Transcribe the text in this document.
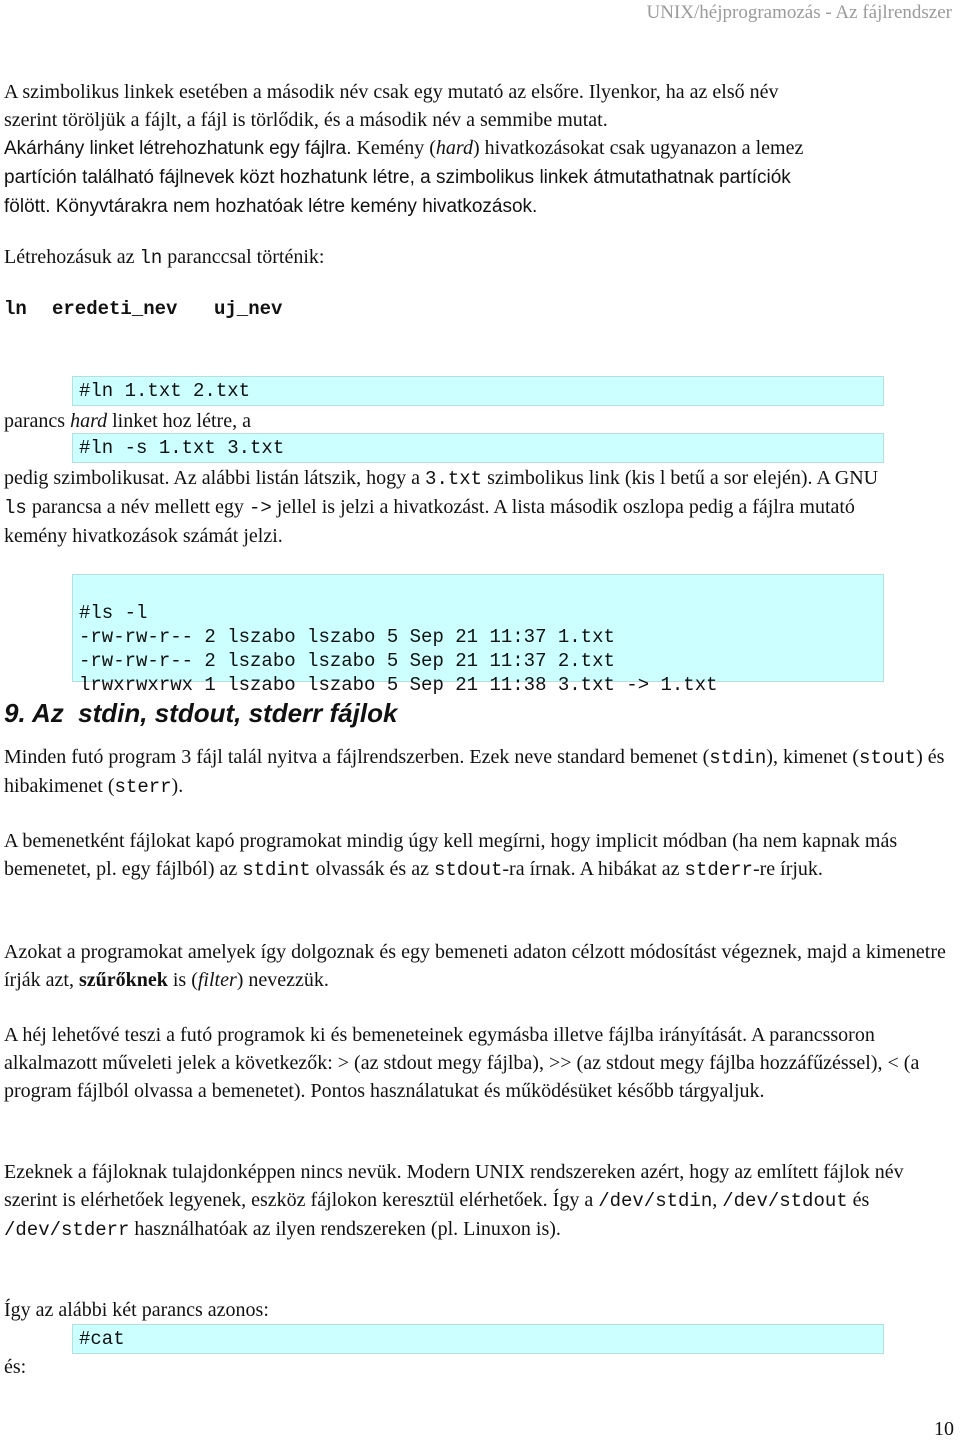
UNIX/héjprogramozás - Az fájlrendszer

A szimbolikus linkek esetében a második név csak egy mutató az elsőre. Ilyenkor, ha az első név
szerint töröljük a fájlt, a fájl is törlődik, és a második név a semmibe mutat.
Akárhány linket létrehozhatunk egy fájlra. Kemény (hard) hivatkozásokat csak ugyanazon a lemez
partíción található fájlnevek közt hozhatunk létre, a szimbolikus linkek átmutathatnak partíciók
fölött. Könyvtárakra nem hozhatóak létre kemény hivatkozások.

Létrehozásuk az ln paranccsal történik:

ln eredeti_nev uj_nev
#ln 1.txt 2.txt

parancs hard linket hoz létre, a

#ln -s 1.txt 3.txt

pedig szimbolikusat. Az alábbi listán látszik, hogy a 3.txt szimbolikus link (kis l betű a sor elején). A GNU ls parancsa a név mellett egy -> jellel is jelzi a hivatkozást. A lista második oszlopa pedig a fájlra mutató kemény hivatkozások számát jelzi.

#ls -l
-rw-rw-r-- 2 lszabo lszabo 5 Sep 21 11:37 1.txt
-rw-rw-r-- 2 lszabo lszabo 5 Sep 21 11:37 2.txt
lrwxrwxrwx 1 lszabo lszabo 5 Sep 21 11:38 3.txt -> 1.txt

9. Az  stdin, stdout, stderr fájlok

Minden futó program 3 fájl talál nyitva a fájlrendszerben. Ezek neve standard bemenet (stdin), kimenet (stout) és hibakimenet (sterr).

A bemenetként fájlokat kapó programokat mindig úgy kell megírni, hogy implicit módban (ha nem kapnak más bemenetet, pl. egy fájlból) az stdint olvassák és az stdout-ra írnak. A hibákat az stderr-re írjuk.

Azokat a programokat amelyek így dolgoznak és egy bemeneti adaton célzott módosítást végeznek, majd a kimenetre írják azt, szűrőknek is (filter) nevezzük.

A héj lehetővé teszi a futó programok ki és bemeneteinek egymásba illetve fájlba irányítását. A parancssoron alkalmazott műveleti jelek a következők: > (az stdout megy fájlba), >> (az stdout megy fájlba hozzáfűzéssel), < (a program fájlból olvassa a bemenetet). Pontos használatukat és működésüket később tárgyaljuk.

Ezeknek a fájloknak tulajdonképpen nincs nevük. Modern UNIX rendszereken azért, hogy az említett fájlok név szerint is elérhetőek legyenek, eszköz fájlokon keresztül elérhetőek. Így a /dev/stdin, /dev/stdout és /dev/stderr használhatóak az ilyen rendszereken (pl. Linuxon is).

Így az alábbi két parancs azonos:

#cat
és:
10
